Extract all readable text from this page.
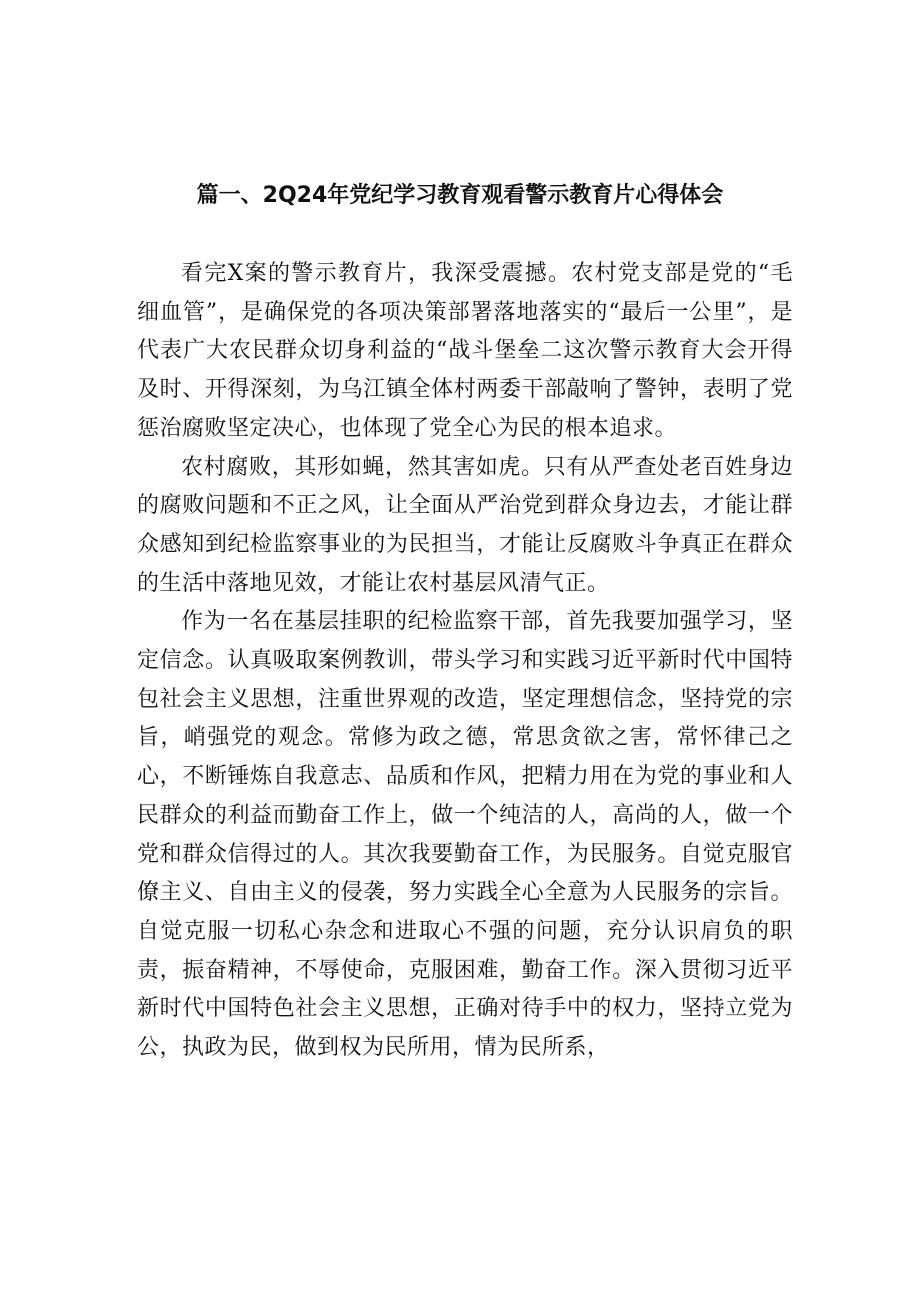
篇一、2Q24年党纪学习教育观看警示教育片心得体会

看完X案的警示教育片，我深受震撼。农村党支部是党的“毛细血管”，是确保党的各项决策部署落地落实的“最后一公里”，是代表广大农民群众切身利益的“战斗堡垒二这次警示教育大会开得及时、开得深刻，为乌江镇全体村两委干部敲响了警钟，表明了党惩治腐败坚定决心，也体现了党全心为民的根本追求。

农村腐败，其形如蝇，然其害如虎。只有从严查处老百姓身边的腐败问题和不正之风，让全面从严治党到群众身边去，才能让群众感知到纪检监察事业的为民担当，才能让反腐败斗争真正在群众的生活中落地见效，才能让农村基层风清气正。

作为一名在基层挂职的纪检监察干部，首先我要加强学习，坚定信念。认真吸取案例教训，带头学习和实践习近平新时代中国特包社会主义思想，注重世界观的改造，坚定理想信念，坚持党的宗旨，峭强党的观念。常修为政之德，常思贪欲之害，常怀律己之心，不断锤炼自我意志、品质和作风，把精力用在为党的事业和人民群众的利益而勤奋工作上，做一个纯洁的人，高尚的人，做一个党和群众信得过的人。其次我要勤奋工作，为民服务。自觉克服官僚主义、自由主义的侵袭，努力实践全心全意为人民服务的宗旨。自觉克服一切私心杂念和进取心不强的问题，充分认识肩负的职责，振奋精神，不辱使命，克服困难，勤奋工作。深入贯彻习近平新时代中国特色社会主义思想，正确对待手中的权力，坚持立党为公，执政为民，做到权为民所用，情为民所系，
